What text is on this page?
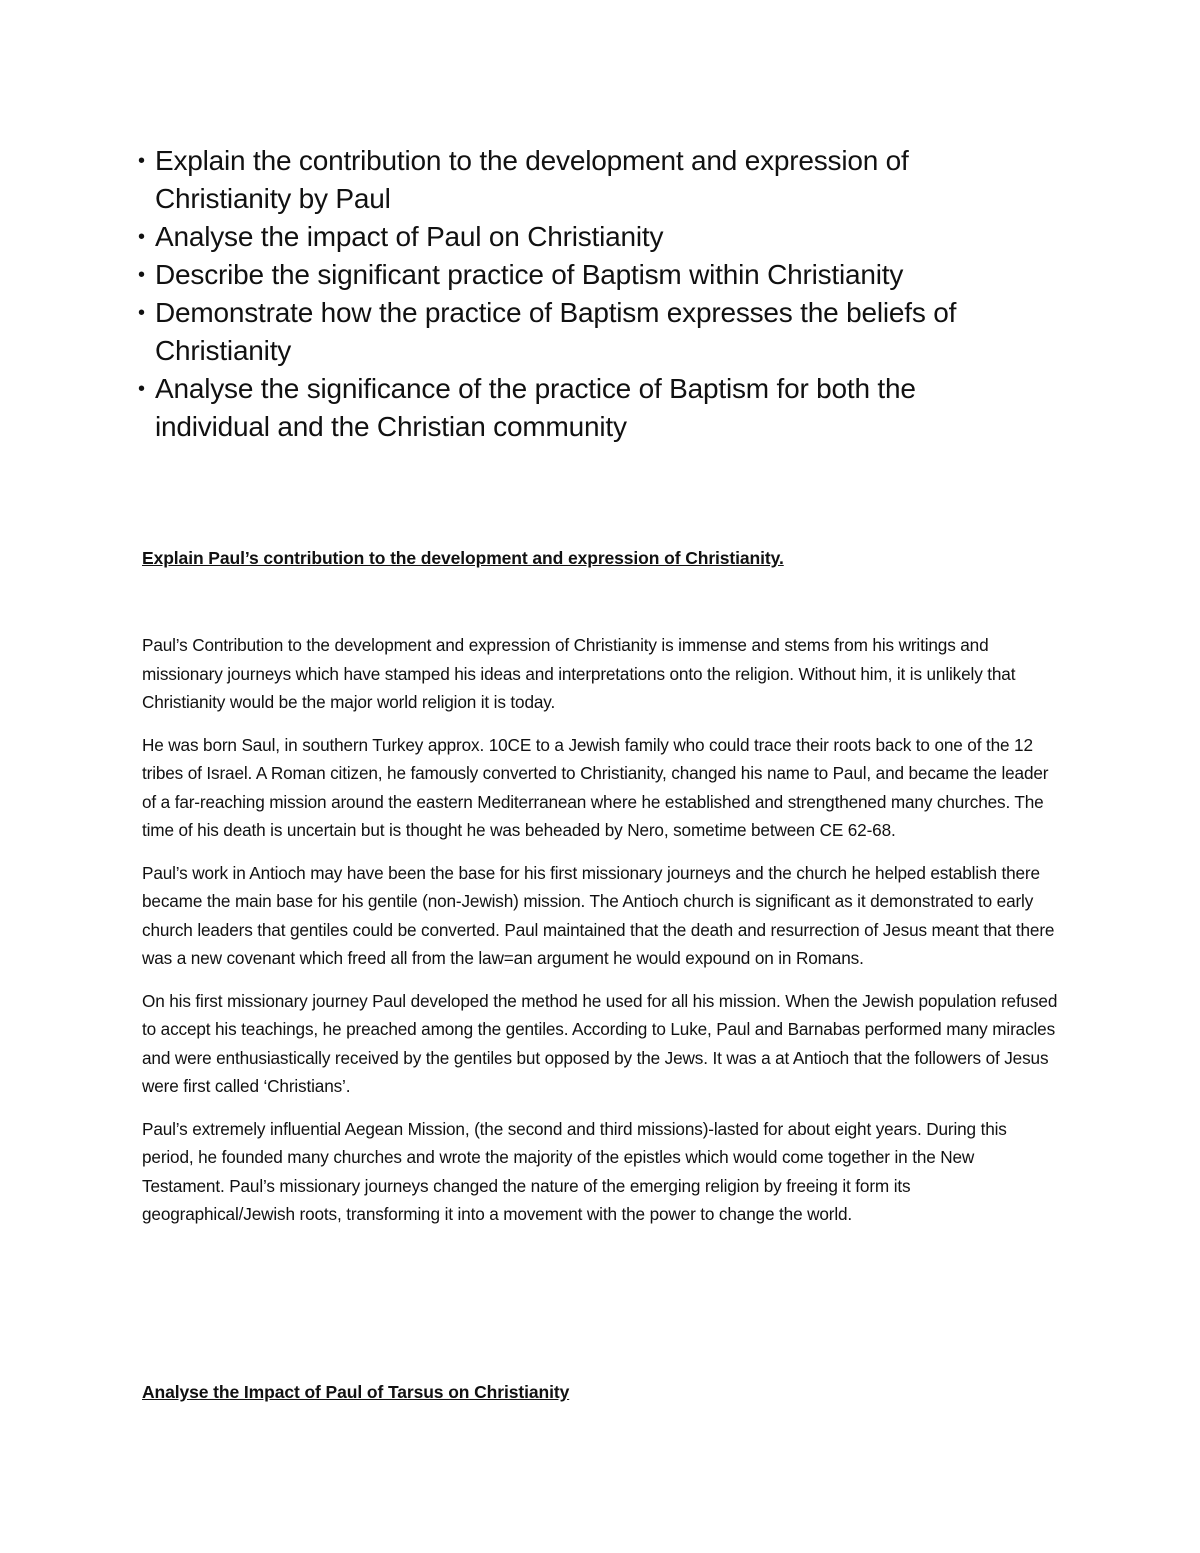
• Explain the contribution to the development and expression of Christianity by Paul
• Analyse the impact of Paul on Christianity
• Describe the significant practice of Baptism within Christianity
• Demonstrate how the practice of Baptism expresses the beliefs of Christianity
• Analyse the significance of the practice of Baptism for both the individual and the Christian community

Explain Paul’s contribution to the development and expression of Christianity.

Paul’s Contribution to the development and expression of Christianity is immense and stems from his writings and missionary journeys which have stamped his ideas and interpretations onto the religion. Without him, it is unlikely that Christianity would be the major world religion it is today.

He was born Saul, in southern Turkey approx. 10CE to a Jewish family who could trace their roots back to one of the 12 tribes of Israel. A Roman citizen, he famously converted to Christianity, changed his name to Paul, and became the leader of a far-reaching mission around the eastern Mediterranean where he established and strengthened many churches. The time of his death is uncertain but is thought he was beheaded by Nero, sometime between CE 62-68.

Paul’s work in Antioch may have been the base for his first missionary journeys and the church he helped establish there became the main base for his gentile (non-Jewish) mission. The Antioch church is significant as it demonstrated to early church leaders that gentiles could be converted. Paul maintained that the death and resurrection of Jesus meant that there was a new covenant which freed all from the law=an argument he would expound on in Romans.

On his first missionary journey Paul developed the method he used for all his mission. When the Jewish population refused to accept his teachings, he preached among the gentiles. According to Luke, Paul and Barnabas performed many miracles and were enthusiastically received by the gentiles but opposed by the Jews. It was a at Antioch that the followers of Jesus were first called ‘Christians’.

Paul’s extremely influential Aegean Mission, (the second and third missions)-lasted for about eight years. During this period, he founded many churches and wrote the majority of the epistles which would come together in the New Testament. Paul’s missionary journeys changed the nature of the emerging religion by freeing it form its geographical/Jewish roots, transforming it into a movement with the power to change the world.

Analyse the Impact of Paul of Tarsus on Christianity
